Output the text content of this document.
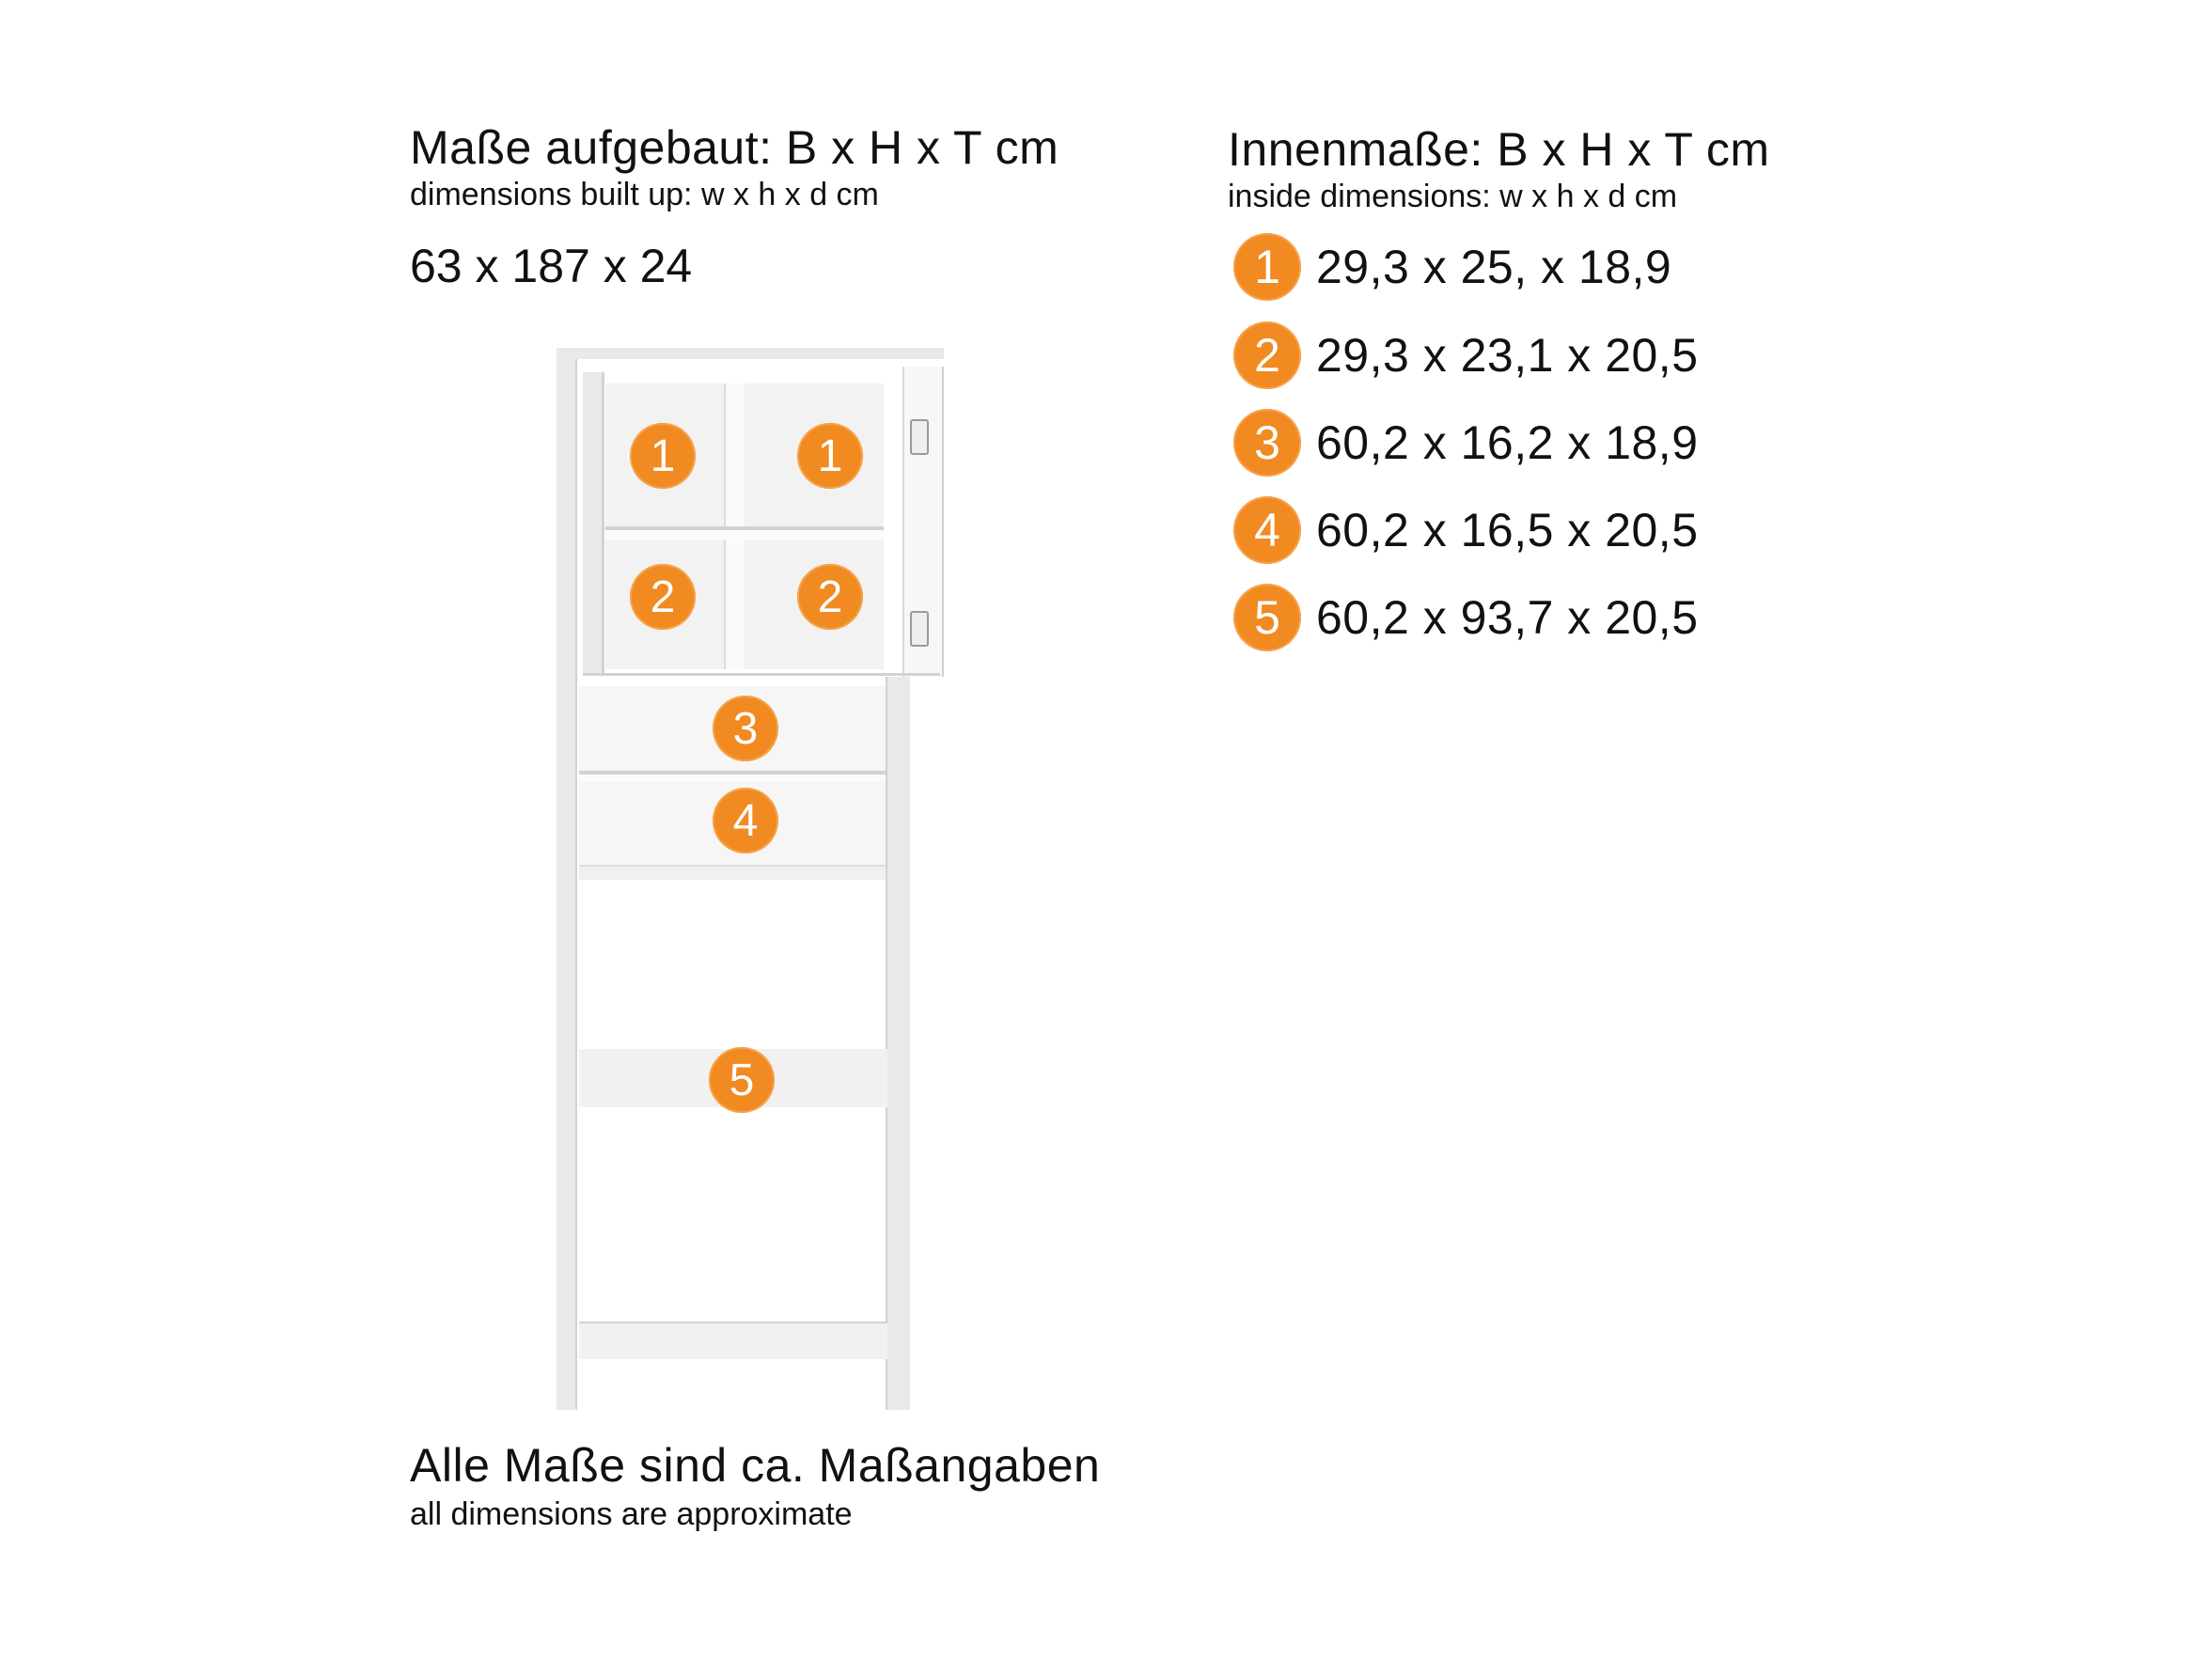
Maße aufgebaut: B x H x T cm
dimensions built up: w x h x d cm
63 x 187 x 24
Innenmaße: B x H x T cm
inside dimensions: w x h x d cm
1 29,3 x 25, x 18,9
2 29,3 x 23,1 x 20,5
3 60,2 x 16,2 x 18,9
4 60,2 x 16,5 x 20,5
5 60,2 x 93,7 x 20,5
1	1
2	2
3
4
5
Alle Maße sind ca. Maßangaben
all dimensions are approximate
